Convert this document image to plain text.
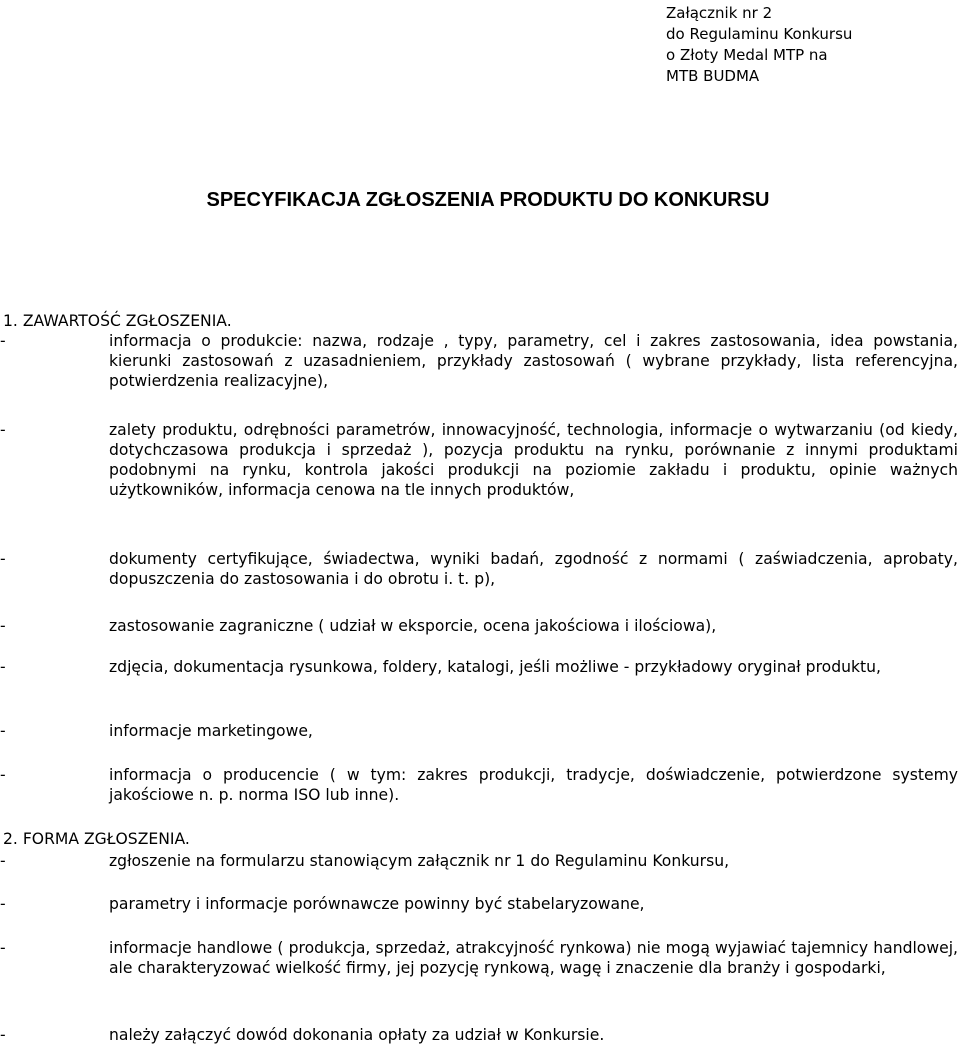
Załącznik nr 2
do Regulaminu Konkursu
o Złoty Medal MTP na
MTB BUDMA
SPECYFIKACJA ZGŁOSZENIA PRODUKTU DO KONKURSU
1. ZAWARTOŚĆ ZGŁOSZENIA.
-	informacja o produkcie: nazwa, rodzaje , typy, parametry, cel i zakres zastosowania, idea powstania, kierunki zastosowań z uzasadnieniem, przykłady zastosowań ( wybrane przykłady, lista referencyjna, potwierdzenia realizacyjne),
-	zalety produktu, odrębności parametrów, innowacyjność, technologia, informacje o wytwarzaniu (od kiedy, dotychczasowa produkcja i sprzedaż ), pozycja produktu na rynku, porównanie z innymi produktami podobnymi na rynku, kontrola jakości produkcji na poziomie zakładu i produktu, opinie ważnych użytkowników, informacja cenowa na tle innych produktów,
-	dokumenty certyfikujące, świadectwa, wyniki badań, zgodność z normami ( zaświadczenia, aprobaty, dopuszczenia do zastosowania i do obrotu i. t. p),
-	zastosowanie zagraniczne ( udział w eksporcie, ocena jakościowa i ilościowa),
-	zdjęcia, dokumentacja rysunkowa, foldery, katalogi, jeśli możliwe - przykładowy oryginał produktu,
-	informacje marketingowe,
-	informacja o producencie ( w tym: zakres produkcji, tradycje, doświadczenie, potwierdzone systemy jakościowe n. p. norma ISO lub inne).
2. FORMA ZGŁOSZENIA.
-	zgłoszenie na formularzu stanowiącym załącznik nr 1 do Regulaminu Konkursu,
-	parametry i informacje porównawcze powinny być stabelaryzowane,
-	informacje handlowe ( produkcja, sprzedaż, atrakcyjność rynkowa) nie mogą wyjawiać tajemnicy handlowej, ale charakteryzować wielkość firmy, jej pozycję rynkową, wagę i znaczenie dla branży i gospodarki,
-	należy załączyć dowód dokonania opłaty za udział w Konkursie.
